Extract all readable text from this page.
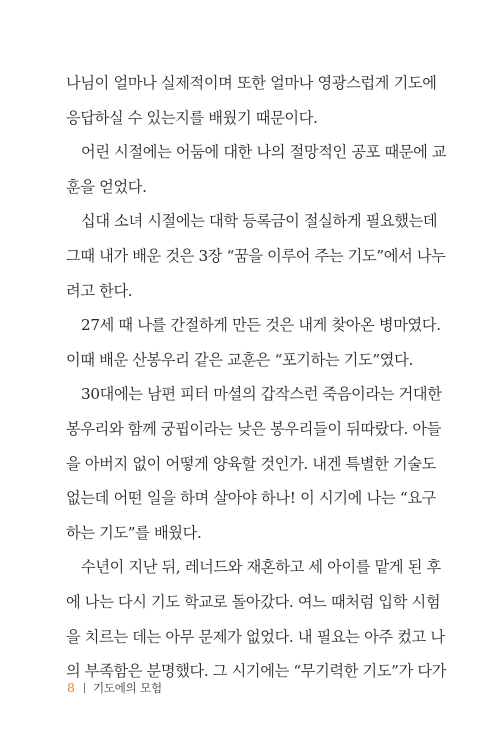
나님이 얼마나 실제적이며 또한 얼마나 영광스럽게 기도에
응답하실 수 있는지를 배웠기 때문이다.
어린 시절에는 어둠에 대한 나의 절망적인 공포 때문에 교
훈을 얻었다.
십대 소녀 시절에는 대학 등록금이 절실하게 필요했는데
그때 내가 배운 것은 3장 “꿈을 이루어 주는 기도”에서 나누
려고 한다.
27세 때 나를 간절하게 만든 것은 내게 찾아온 병마였다.
이때 배운 산봉우리 같은 교훈은 “포기하는 기도”였다.
30대에는 남편 피터 마셜의 갑작스런 죽음이라는 거대한
봉우리와 함께 궁핍이라는 낮은 봉우리들이 뒤따랐다. 아들
을 아버지 없이 어떻게 양육할 것인가. 내겐 특별한 기술도
없는데 어떤 일을 하며 살아야 하나! 이 시기에 나는 “요구
하는 기도”를 배웠다.
수년이 지난 뒤, 레너드와 재혼하고 세 아이를 맡게 된 후
에 나는 다시 기도 학교로 돌아갔다. 여느 때처럼 입학 시험
을 치르는 데는 아무 문제가 없었다. 내 필요는 아주 컸고 나
의 부족함은 분명했다. 그 시기에는 “무기력한 기도”가 다가
8 기도에의 모험
